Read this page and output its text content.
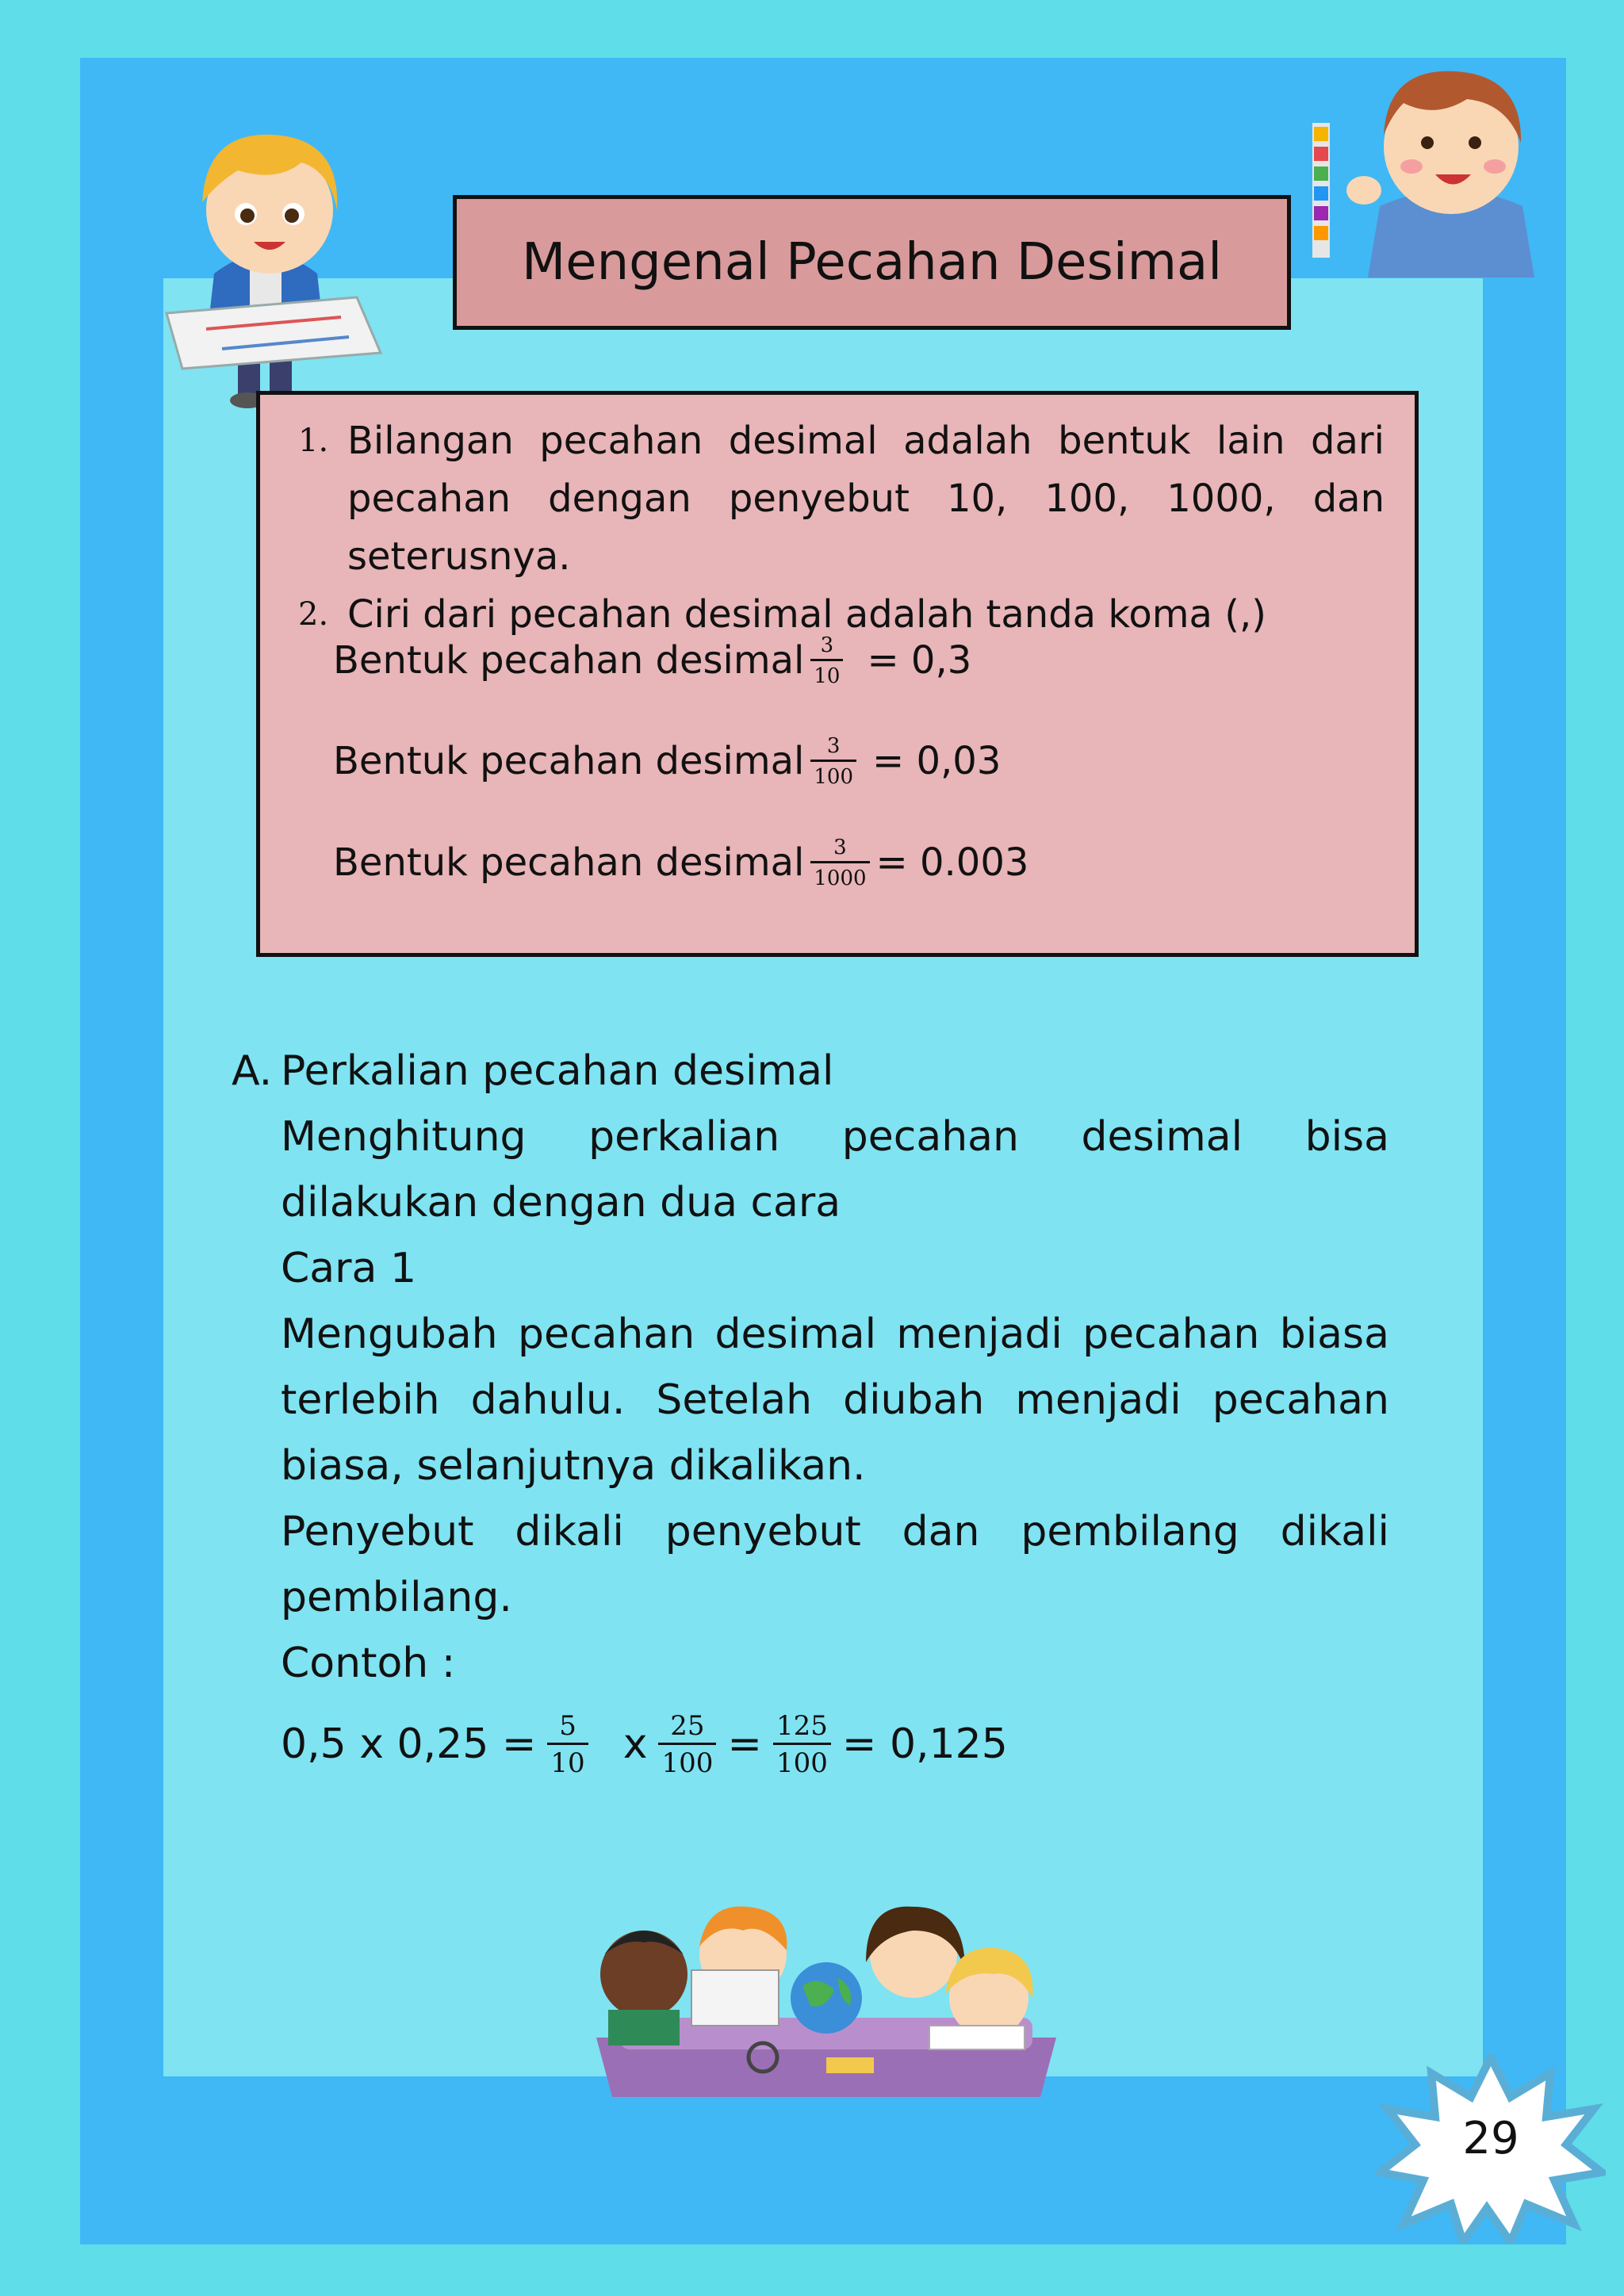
Mengenal Pecahan Desimal
1. Bilangan pecahan desimal adalah bentuk lain dari pecahan dengan penyebut 10, 100, 1000, dan seterusnya.
2. Ciri dari pecahan desimal adalah tanda koma (,)
Bentuk pecahan desimal $\frac{3}{10} = 0,3$
Bentuk pecahan desimal $\frac{3}{100} = 0,03$
Bentuk pecahan desimal $\frac{3}{1000} = 0.003$
A. Perkalian pecahan desimal
Menghitung perkalian pecahan desimal bisa dilakukan dengan dua cara
Cara 1
Mengubah pecahan desimal menjadi pecahan biasa terlebih dahulu. Setelah diubah menjadi pecahan biasa, selanjutnya dikalikan.
Penyebut dikali penyebut dan pembilang dikali pembilang.
Contoh :
0,5 x $0,25 = \frac{5}{10}$ x $\frac{25}{100} = \frac{125}{100} = 0,125$
29
